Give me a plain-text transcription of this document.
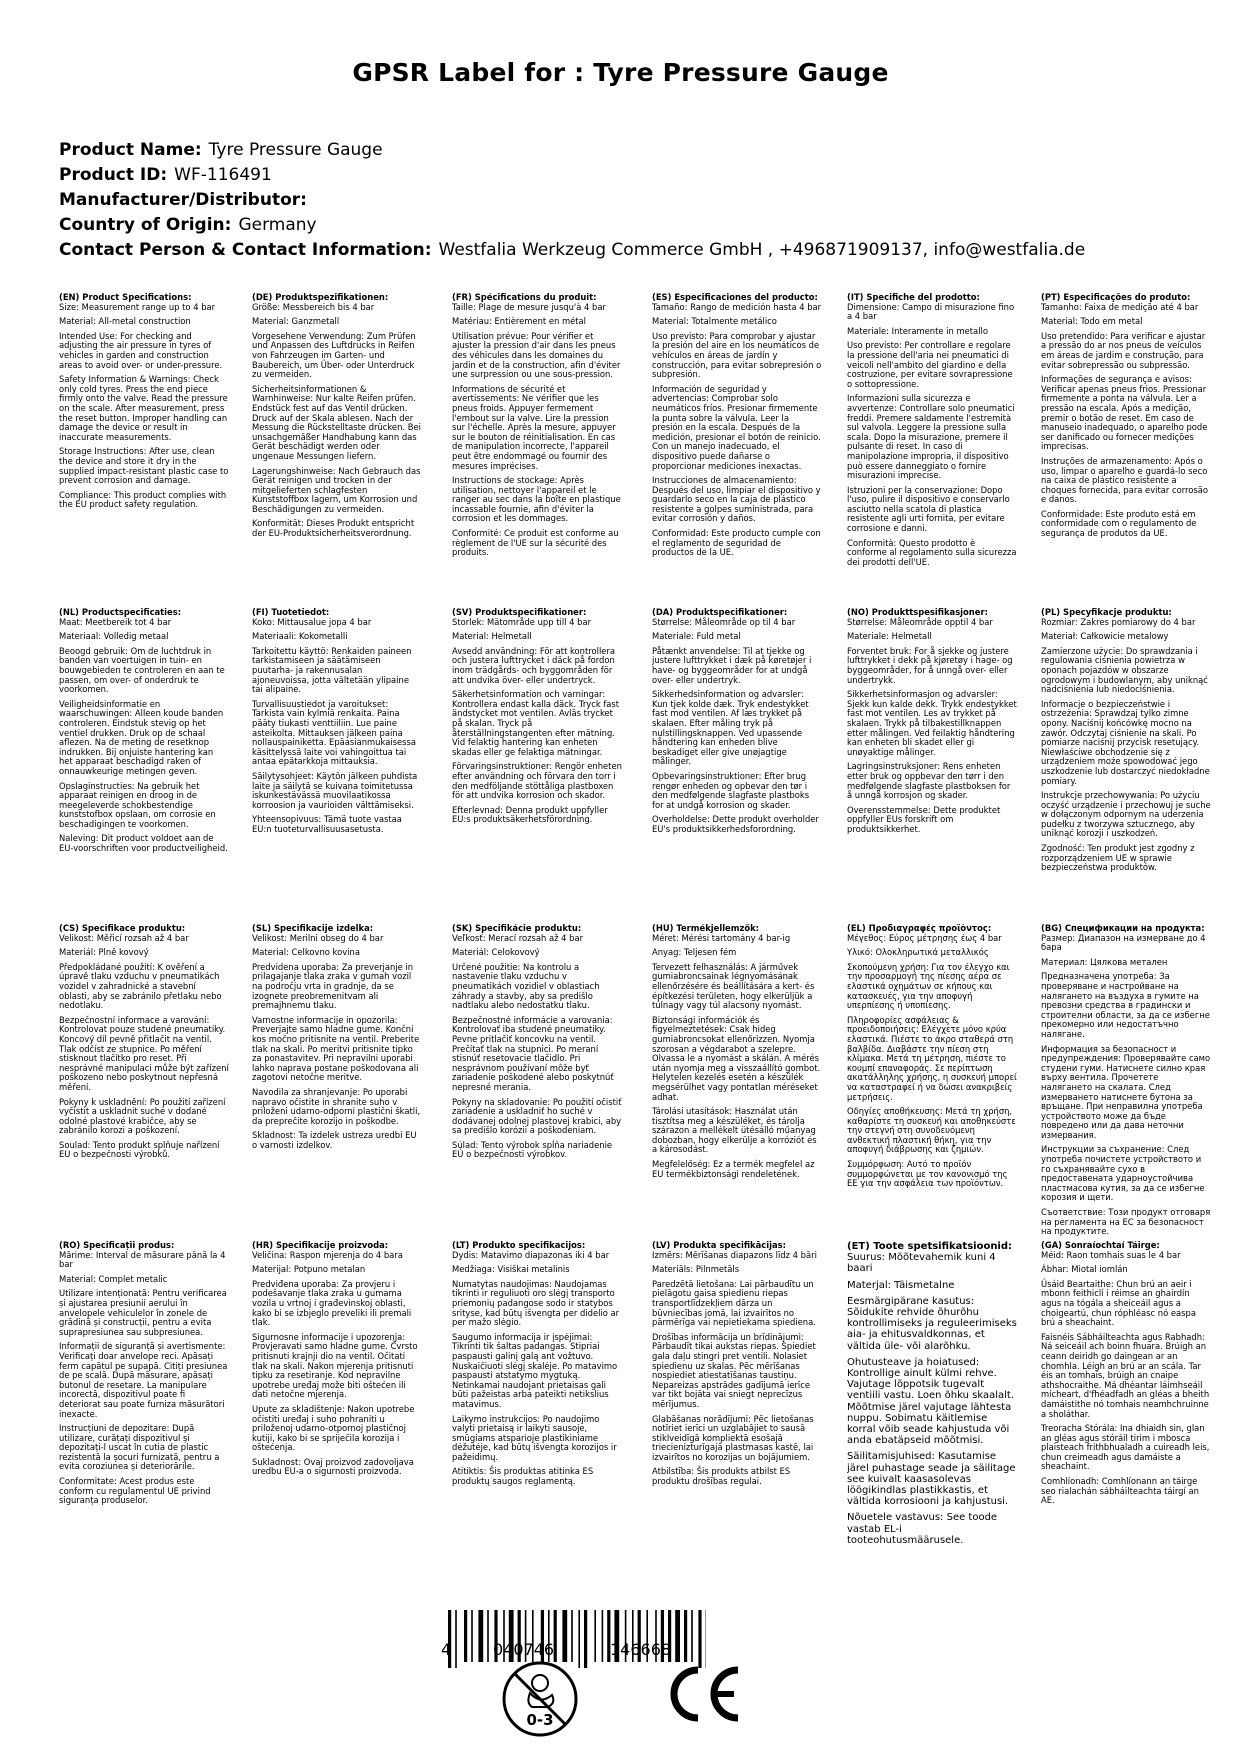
GPSR Label for : Tyre Pressure Gauge
Product Name: Tyre Pressure Gauge
Product ID: WF-116491
Manufacturer/Distributor:
Country of Origin: Germany
Contact Person & Contact Information: Westfalia Werkzeug Commerce GmbH , +496871909137, info@westfalia.de
(EN) Product Specifications:

Size: Measurement range up to 4 bar

Material: All-metal construction

Intended Use: For checking and adjusting the air pressure in tyres of vehicles in garden and construction areas to avoid over- or under-pressure.

Safety Information & Warnings: Check only cold tyres. Press the end piece firmly onto the valve. Read the pressure on the scale. After measurement, press the reset button. Improper handling can damage the device or result in inaccurate measurements.

Storage Instructions: After use, clean the device and store it dry in the supplied impact-resistant plastic case to prevent corrosion and damage.

Compliance: This product complies with the EU product safety regulation.

(DE) Produktspezifikationen:

Größe: Messbereich bis 4 bar

Material: Ganzmetall

Vorgesehene Verwendung: Zum Prüfen und Anpassen des Luftdrucks in Reifen von Fahrzeugen im Garten- und Baubereich, um Über- oder Unterdruck zu vermeiden.

Sicherheitsinformationen & Warnhinweise: Nur kalte Reifen prüfen. Endstück fest auf das Ventil drücken. Druck auf der Skala ablesen. Nach der Messung die Rückstelltaste drücken. Bei unsachgemäßer Handhabung kann das Gerät beschädigt werden oder ungenaue Messungen liefern.

Lagerungshinweise: Nach Gebrauch das Gerät reinigen und trocken in der mitgelieferten schlagfesten Kunststoffbox lagern, um Korrosion und Beschädigungen zu vermeiden.

Konformität: Dieses Produkt entspricht der EU-Produktsicherheitsverordnung.

(FR) Spécifications du produit:

Taille: Plage de mesure jusqu'à 4 bar

Matériau: Entièrement en métal

Utilisation prévue: Pour vérifier et ajuster la pression d'air dans les pneus des véhicules dans les domaines du jardin et de la construction, afin d'éviter une surpression ou une sous-pression.

Informations de sécurité et avertissements: Ne vérifier que les pneus froids. Appuyer fermement l'embout sur la valve. Lire la pression sur l'échelle. Après la mesure, appuyer sur le bouton de réinitialisation. En cas de manipulation incorrecte, l'appareil peut être endommagé ou fournir des mesures imprécises.

Instructions de stockage: Après utilisation, nettoyer l'appareil et le ranger au sec dans la boîte en plastique incassable fournie, afin d'éviter la corrosion et les dommages.

Conformité: Ce produit est conforme au règlement de l'UE sur la sécurité des produits.

(ES) Especificaciones del producto:

Tamaño: Rango de medición hasta 4 bar

Material: Totalmente metálico

Uso previsto: Para comprobar y ajustar la presión del aire en los neumáticos de vehículos en áreas de jardín y construcción, para evitar sobrepresión o subpresión.

Información de seguridad y advertencias: Comprobar solo neumáticos fríos. Presionar firmemente la punta sobre la válvula. Leer la presión en la escala. Después de la medición, presionar el botón de reinicio. Con un manejo inadecuado, el dispositivo puede dañarse o proporcionar mediciones inexactas.

Instrucciones de almacenamiento: Después del uso, limpiar el dispositivo y guardarlo seco en la caja de plástico resistente a golpes suministrada, para evitar corrosión y daños.

Conformidad: Este producto cumple con el reglamento de seguridad de productos de la UE.

(IT) Specifiche del prodotto:

Dimensione: Campo di misurazione fino a 4 bar

Materiale: Interamente in metallo

Uso previsto: Per controllare e regolare la pressione dell'aria nei pneumatici di veicoli nell'ambito del giardino e della costruzione, per evitare sovrapressione o sottopressione.

Informazioni sulla sicurezza e avvertenze: Controllare solo pneumatici freddi. Premere saldamente l'estremità sul valvola. Leggere la pressione sulla scala. Dopo la misurazione, premere il pulsante di reset. In caso di manipolazione impropria, il dispositivo può essere danneggiato o fornire misurazioni imprecise.

Istruzioni per la conservazione: Dopo l'uso, pulire il dispositivo e conservarlo asciutto nella scatola di plastica resistente agli urti fornita, per evitare corrosione e danni.

Conformità: Questo prodotto è conforme al regolamento sulla sicurezza dei prodotti dell'UE.

(PT) Especificações do produto:

Tamanho: Faixa de medição até 4 bar

Material: Todo em metal

Uso pretendido: Para verificar e ajustar a pressão do ar nos pneus de veículos em áreas de jardim e construção, para evitar sobrepressão ou subpressão.

Informações de segurança e avisos: Verificar apenas pneus frios. Pressionar firmemente a ponta na válvula. Ler a pressão na escala. Após a medição, premir o botão de reset. Em caso de manuseio inadequado, o aparelho pode ser danificado ou fornecer medições imprecisas.

Instruções de armazenamento: Após o uso, limpar o aparelho e guardá-lo seco na caixa de plástico resistente a choques fornecida, para evitar corrosão e danos.

Conformidade: Este produto está em conformidade com o regulamento de segurança de produtos da UE.

(NL) Productspecificaties:

Maat: Meetbereik tot 4 bar

Materiaal: Volledig metaal

Beoogd gebruik: Om de luchtdruk in banden van voertuigen in tuin- en bouwgebieden te controleren en aan te passen, om over- of onderdruk te voorkomen.

Veiligheidsinformatie en waarschuwingen: Alleen koude banden controleren. Eindstuk stevig op het ventiel drukken. Druk op de schaal aflezen. Na de meting de resetknop indrukken. Bij onjuiste hantering kan het apparaat beschadigd raken of onnauwkeurige metingen geven.

Opslaginstructies: Na gebruik het apparaat reinigen en droog in de meegeleverde schokbestendige kunststofbox opslaan, om corrosie en beschadigingen te voorkomen.

Naleving: Dit product voldoet aan de EU-voorschriften voor productveiligheid.

(FI) Tuotetiedot:

Koko: Mittausalue jopa 4 bar

Materiaali: Kokometalli

Tarkoitettu käyttö: Renkaiden paineen tarkistamiseen ja säätämiseen puutarha- ja rakennusalan ajoneuvoissa, jotta vältetään ylipaine tai alipaine.

Turvallisuustiedot ja varoitukset: Tarkista vain kylmiä renkaita. Paina pääty tiukasti venttiiliin. Lue paine asteikolta. Mittauksen jälkeen paina nollauspainiketta. Epäasianmukaisessa käsittelyssä laite voi vahingoittua tai antaa epätarkkoja mittauksia.

Säilytysohjeet: Käytön jälkeen puhdista laite ja säilytä se kuivana toimitetussa iskunkestävässä muovilaatikossa korroosion ja vaurioiden välttämiseksi.

Yhteensopivuus: Tämä tuote vastaa EU:n tuoteturvallisuusasetusta.

(SV) Produktspecifikationer:

Storlek: Mätområde upp till 4 bar

Material: Helmetall

Avsedd användning: För att kontrollera och justera lufttrycket i däck på fordon inom trädgårds- och byggområden för att undvika över- eller undertryck.

Säkerhetsinformation och varningar: Kontrollera endast kalla däck. Tryck fast ändstycket mot ventilen. Avläs trycket på skalan. Tryck på återställningstangenten efter mätning. Vid felaktig hantering kan enheten skadas eller ge felaktiga mätningar.

Förvaringsinstruktioner: Rengör enheten efter användning och förvara den torr i den medföljande stöttåliga plastboxen för att undvika korrosion och skador.

Efterlevnad: Denna produkt uppfyller EU:s produktsäkerhetsförordning.

(DA) Produktspecifikationer:

Størrelse: Måleområde op til 4 bar

Materiale: Fuld metal

Påtænkt anvendelse: Til at tjekke og justere lufttrykket i dæk på køretøjer i have- og byggeområder for at undgå over- eller undertryk.

Sikkerhedsinformation og advarsler: Kun tjek kolde dæk. Tryk endestykket fast mod ventilen. Af læs trykket på skalaen. Efter måling tryk på nulstillingsknappen. Ved upassende håndtering kan enheden blive beskadiget eller give unøjagtige målinger.

Opbevaringsinstruktioner: Efter brug rengør enheden og opbevar den tør i den medfølgende slagfaste plastboks for at undgå korrosion og skader.

Overholdelse: Dette produkt overholder EU's produktsikkerhedsforordning.

(NO) Produkttspesifikasjoner:

Størrelse: Måleområde opptil 4 bar

Materiale: Helmetall

Forventet bruk: For å sjekke og justere lufttrykket i dekk på kjøretøy i hage- og byggeområder, for å unngå over- eller undertrykk.

Sikkerhetsinformasjon og advarsler: Sjekk kun kalde dekk. Trykk endestykket fast mot ventilen. Les av trykket på skalaen. Trykk på tilbakestillknappen etter målingen. Ved feilaktig håndtering kan enheten bli skadet eller gi unøyaktige målinger.

Lagringsinstruksjoner: Rens enheten etter bruk og oppbevar den tørr i den medfølgende slagfaste plastboksen for å unngå korrosjon og skader.

Overensstemmelse: Dette produktet oppfyller EUs forskrift om produktsikkerhet.

(PL) Specyfikacje produktu:

Rozmiar: Zakres pomiarowy do 4 bar

Materiał: Całkowicie metalowy

Zamierzone użycie: Do sprawdzania i regulowania ciśnienia powietrza w oponach pojazdów w obszarze ogrodowym i budowlanym, aby uniknąć nadciśnienia lub niedociśnienia.

Informacje o bezpieczeństwie i ostrzeżenia: Sprawdzaj tylko zimne opony. Naciśnij końcówkę mocno na zawór. Odczytaj ciśnienie na skali. Po pomiarze naciśnij przycisk resetujący. Niewłaściwe obchodzenie się z urządzeniem może spowodować jego uszkodzenie lub dostarczyć niedokładne pomiary.

Instrukcje przechowywania: Po użyciu oczyść urządzenie i przechowuj je suche w dołączonym odpornym na uderzenia pudełku z tworzywa sztucznego, aby uniknąć korozji i uszkodzeń.

Zgodność: Ten produkt jest zgodny z rozporządzeniem UE w sprawie bezpieczeństwa produktów.

(CS) Specifikace produktu:

Velikost: Měřicí rozsah až 4 bar

Materiál: Plně kovový

Předpokládané použití: K ověření a úpravě tlaku vzduchu v pneumatikách vozidel v zahradnické a stavební oblasti, aby se zabránilo přetlaku nebo nedotlaku.

Bezpečnostní informace a varování: Kontrolovat pouze studené pneumatiky. Koncový díl pevně přitlačit na ventil. Tlak odčíst ze stupnice. Po měření stisknout tlačítko pro reset. Při nesprávné manipulaci může být zařízení poškozeno nebo poskytnout nepřesná měření.

Pokyny k uskladnění: Po použití zařízení vyčistit a uskladnit suché v dodané odolné plastové krabičce, aby se zabránilo korozi a poškození.

Soulad: Tento produkt splňuje nařízení EU o bezpečnosti výrobků.

(SL) Specifikacije izdelka:

Velikost: Merilni obseg do 4 bar

Material: Celkovno kovina

Predvidena uporaba: Za preverjanje in prilagajanje tlaka zraka v gumah vozil na področju vrta in gradnje, da se izognete preobremenitvam ali premajhnemu tlaku.

Varnostne informacije in opozorila: Preverjajte samo hladne gume. Končni kos močno pritisnite na ventil. Preberite tlak na skali. Po meritvi pritisnite tipko za ponastavitev. Pri nepravilni uporabi lahko naprava postane poškodovana ali zagotovi netočne meritve.

Navodila za shranjevanje: Po uporabi napravo očistite in shranite suho v priloženi udarno-odporni plastični škatli, da preprečite korozijo in poškodbe.

Skladnost: Ta izdelek ustreza uredbi EU o varnosti izdelkov.

(SK) Špecifikácie produktu:

Veľkosť: Merací rozsah až 4 bar

Materiál: Celokovový

Určené použitie: Na kontrolu a nastavenie tlaku vzduchu v pneumatikách vozidiel v oblastiach záhrady a stavby, aby sa predišlo nadtlaku alebo nedostatku tlaku.

Bezpečnostné informácie a varovania: Kontrolovať iba studené pneumatiky. Pevne pritlačiť koncovku na ventil. Prečítať tlak na stupnici. Po meraní stisnúť resetovacie tlačidlo. Pri nesprávnom používaní môže byť zariadenie poškodené alebo poskytnúť nepresné merania.

Pokyny na skladovanie: Po použití očistiť zariadenie a uskladniť ho suché v dodávanej odolnej plastovej krabici, aby sa predišlo korózii a poškodeniam.

Súlad: Tento výrobok spĺňa nariadenie EÚ o bezpečnosti výrobkov.

(HU) Termékjellemzők:

Méret: Mérési tartomány 4 bar-ig

Anyag: Teljesen fém

Tervezett felhasználás: A járművek gumiabroncsainak légnyomásának ellenőrzésére és beállítására a kert- és építkezési területen, hogy elkerüljük a túlnagy vagy túl alacsony nyomást.

Biztonsági információk és figyelmeztetések: Csak hideg gumiabroncsokat ellenőrizzen. Nyomja szorosan a végdarabot a szelepre. Olvassa le a nyomást a skálán. A mérés után nyomja meg a visszaállító gombot. Helytelen kezelés esetén a készülék megsérülhet vagy pontatlan méréseket adhat.

Tárolási utasítások: Használat után tisztítsa meg a készüléket, és tárolja szárazon a mellékelt ütésálló műanyag dobozban, hogy elkerülje a korróziót és a károsodást.

Megfelelőség: Ez a termék megfelel az EU termékbiztonsági rendeletének.

(EL) Προδιαγραφές προϊόντος:

Μέγεθος: Εύρος μέτρησης έως 4 bar

Υλικό: Ολοκληρωτικά μεταλλικός

Σκοπούμενη χρήση: Για τον έλεγχο και την προσαρμογή της πίεσης αέρα σε ελαστικά οχημάτων σε κήπους και κατασκευές, για την αποφυγή υπερπίεσης ή υποπίεσης.

Πληροφορίες ασφάλειας & προειδοποιήσεις: Ελέγχετε μόνο κρύα ελαστικά. Πιέστε το άκρο σταθερά στη βαλβίδα. Διαβάστε την πίεση στη κλίμακα. Μετά τη μέτρηση, πιέστε το κουμπί επαναφοράς. Σε περίπτωση ακατάλληλης χρήσης, η συσκευή μπορεί να καταστραφεί ή να δώσει ανακριβείς μετρήσεις.

Οδηγίες αποθήκευσης: Μετά τη χρήση, καθαρίστε τη συσκευή και αποθηκεύστε την στεγνή στη συνοδευόμενη ανθεκτική πλαστική θήκη, για την αποφυγή διάβρωσης και ζημιών.

Συμμόρφωση: Αυτό το προϊόν συμμορφώνεται με τον κανονισμό της ΕΕ για την ασφάλεια των προϊόντων.

(BG) Спецификации на продукта:

Размер: Диапазон на измерване до 4 бара

Материал: Цялкова метален

Предназначена употреба: За проверяване и настройване на налягането на въздуха в гумите на превозни средства в градински и строителни области, за да се избегне прекомерно или недостатъчно налягане.

Информация за безопасност и предупреждения: Проверявайте само студени гуми. Натиснете силно края върху вентила. Прочетете налягането на скалата. След измерването натиснете бутона за връщане. При неправилна употреба устройството може да бъде повредено или да дава неточни измервания.

Инструкции за съхранение: След употреба почистете устройството и го съхранявайте сухо в предоставената ударноустойчива пластмасова кутия, за да се избегне корозия и щети.

Съответствие: Този продукт отговаря на регламента на ЕС за безопасност на продуктите.

(RO) Specificații produs:

Mărime: Interval de măsurare până la 4 bar

Material: Complet metalic

Utilizare intenționată: Pentru verificarea și ajustarea presiunii aerului în anvelopele vehiculelor în zonele de grădină și construcții, pentru a evita suprapresiunea sau subpresiunea.

Informații de siguranță și avertismente: Verificați doar anvelope reci. Apăsați ferm capătul pe supapă. Citiți presiunea de pe scală. După măsurare, apăsați butonul de resetare. La manipulare incorectă, dispozitivul poate fi deteriorat sau poate furniza măsurători inexacte.

Instrucțiuni de depozitare: După utilizare, curățați dispozitivul și depozitați-l uscat în cutia de plastic rezistentă la șocuri furnizată, pentru a evita coroziunea și deteriorările.

Conformitate: Acest produs este conform cu regulamentul UE privind siguranța produselor.

(HR) Specifikacije proizvoda:

Veličina: Raspon mjerenja do 4 bara

Materijal: Potpuno metalan

Predviđena uporaba: Za provjeru i podešavanje tlaka zraka u gumama vozila u vrtnoj i građevinskoj oblasti, kako bi se izbjeglo preveliki ili premali tlak.

Sigurnosne informacije i upozorenja: Provjeravati samo hladne gume. Čvrsto pritisnuti krajnji dio na ventil. Očitati tlak na skali. Nakon mjerenja pritisnuti tipku za resetiranje. Kod nepravilne upotrebe uređaj može biti oštećen ili dati netočne mjerenja.

Upute za skladištenje: Nakon upotrebe očistiti uređaj i suho pohraniti u priloženoj udarno-otpornoj plastičnoj kutiji, kako bi se spriječila korozija i oštećenja.

Sukladnost: Ovaj proizvod zadovoljava uredbu EU-a o sigurnosti proizvoda.

(LT) Produkto specifikacijos:

Dydis: Matavimo diapazonas iki 4 bar

Medžiaga: Visiškai metalinis

Numatytas naudojimas: Naudojamas tikrinti ir reguliuoti oro slėgį transporto priemonių padangose sodo ir statybos srityse, kad būtų išvengta per didelio ar per mažo slėgio.

Saugumo informacija ir įspėjimai: Tikrinti tik šaltas padangas. Stipriai paspausti galinį galą ant vožtuvo. Nuskaičiuoti slėgį skalėje. Po matavimo paspausti atstatymo mygtuką. Netinkamai naudojant prietaisas gali būti pažeistas arba pateikti netikslius matavimus.

Laikymo instrukcijos: Po naudojimo valyti prietaisą ir laikyti sausoje, smūgiams atsparioje plastikiniame dėžutėje, kad būtų išvengta korozijos ir pažeidimų.

Atitiktis: Šis produktas atitinka ES produktų saugos reglamentą.

(LV) Produkta specifikācijas:

Izmērs: Mērīšanas diapazons līdz 4 bāri

Materiāls: Pilnmetāls

Paredzētā lietošana: Lai pārbaudītu un pielāgotu gaisa spiedienu riepas transportlīdzekļiem dārza un būvniecības jomā, lai izvairītos no pārmērīga vai nepietiekama spiediena.

Drošības informācija un brīdinājumi: Pārbaudīt tikai aukstas riepas. Spiediet gala daļu stingri pret ventili. Nolasiet spiedienu uz skalas. Pēc mērīšanas nospiediet atiestatīšanas taustiņu. Nepareizas apstrādes gadījumā ierīce var tikt bojāta vai sniegt neprecīzus mērījumus.

Glabāšanas norādījumi: Pēc lietošanas notīriet ierīci un uzglabājiet to sausā stiklveidīgā kompliektā esošajā triecienizturīgajā plastmasas kastē, lai izvairītos no korozijas un bojājumiem.

Atbilstība: Šis produkts atbilst ES produktu drošības regulai.

(ET) Toote spetsifikatsioonid:

Suurus: Mõõtevahemik kuni 4 baari

Materjal: Täismetalne

Eesmärgipärane kasutus: Sõidukite rehvide õhurõhu kontrollimiseks ja reguleerimiseks aia- ja ehitusvaldkonnas, et vältida üle- või alarõhku.

Ohutusteave ja hoiatused: Kontrollige ainult külmi rehve. Vajutage lõppotsik tugevalt ventiili vastu. Loen õhku skaalalt. Mõõtmise järel vajutage lähtesta nuppu. Sobimatu käitlemise korral võib seade kahjustuda või anda ebatäpseid mõõtmisi.

Säilitamisjuhised: Kasutamise järel puhastage seade ja säilitage see kuivalt kaasasolevas löögikindlas plastikkastis, et vältida korrosiooni ja kahjustusi.

Nõuetele vastavus: See toode vastab EL-i tooteohutusmäärusele.

(GA) Sonraíochtaí Táirge:

Méid: Raon tomhais suas le 4 bar

Ábhar: Miotal iomlán

Úsáid Beartaithe: Chun brú an aeir i mbonn feithiclí i réimse an ghairdín agus na tógála a sheiceáil agus a choigeartú, chun róphléasc nó easpa brú a sheachaint.

Faisnéis Sábháilteachta agus Rabhadh: Ná seiceáil ach boinn fhuara. Brúigh an ceann deiridh go daingean ar an chomhla. Léigh an brú ar an scála. Tar éis an tomhais, brúigh an cnaipe athshocraithe. Má dhéantar láimhseáil mícheart, d'fhéadfadh an gléas a bheith damáistithe nó tomhais neamhchruinne a sholáthar.

Treoracha Stórála: Ina dhiaidh sin, glan an gléas agus stóráil tirim i mbosca plaisteach frithbhualadh a cuireadh leis, chun creimeadh agus damáiste a sheachaint.

Comhlíonadh: Comhlíonann an táirge seo rialachán sábháilteachta táirgí an AE.

4	040746	146668
0-3
